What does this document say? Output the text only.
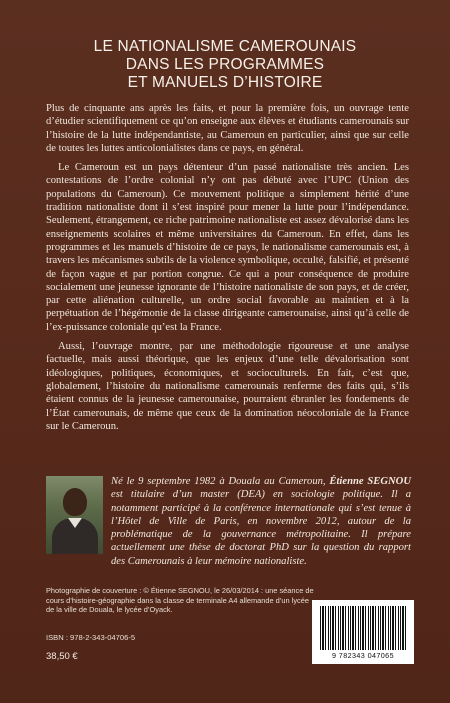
LE NATIONALISME CAMEROUNAIS
DANS LES PROGRAMMES
ET MANUELS D’HISTOIRE

Plus de cinquante ans après les faits, et pour la première fois, un ouvrage tente d’étudier scientifiquement ce qu’on enseigne aux élèves et étudiants camerounais sur l’histoire de la lutte indépendantiste, au Cameroun en particulier, ainsi que sur celle de toutes les luttes anticolonialistes dans ce pays, en général.

Le Cameroun est un pays détenteur d’un passé nationaliste très ancien. Les contestations de l’ordre colonial n’y ont pas débuté avec l’UPC (Union des populations du Cameroun). Ce mouvement politique a simplement hérité d’une tradition nationaliste dont il s’est inspiré pour mener la lutte pour l’indépendance. Seulement, étrangement, ce riche patrimoine nationaliste est assez dévalorisé dans les enseignements scolaires et même universitaires du Cameroun. En effet, dans les programmes et les manuels d’histoire de ce pays, le nationalisme camerounais est, à travers les mécanismes subtils de la violence symbolique, occulté, falsifié, et présenté de façon vague et par portion congrue. Ce qui a pour conséquence de produire socialement une jeunesse ignorante de l’histoire nationaliste de son pays, et de créer, par cette aliénation culturelle, un ordre social favorable au maintien et à la perpétuation de l’hégémonie de la classe dirigeante camerounaise, ainsi qu’à celle de l’ex-puissance coloniale qu’est la France.

Aussi, l’ouvrage montre, par une méthodologie rigoureuse et une analyse factuelle, mais aussi théorique, que les enjeux d’une telle dévalorisation sont idéologiques, politiques, économiques, et socioculturels. En fait, c’est que, globalement, l’histoire du nationalisme camerounais renferme des faits qui, s’ils étaient connus de la jeunesse camerounaise, pourraient ébranler les fondements de l’État camerounais, de même que ceux de la domination néocoloniale de la France sur le Cameroun.

Né le 9 septembre 1982 à Douala au Cameroun, Étienne SEGNOU est titulaire d’un master (DEA) en sociologie politique. Il a notamment participé à la conférence internationale qui s’est tenue à l’Hôtel de Ville de Paris, en novembre 2012, autour de la problématique de la gouvernance métropolitaine. Il prépare actuellement une thèse de doctorat PhD sur la question du rapport des Camerounais à leur mémoire nationaliste.
Photographie de couverture : © Étienne SEGNOU, le 26/03/2014 : une séance de cours d’histoire-géographie dans la classe de terminale A4 allemande d’un lycée de la ville de Douala, le lycée d’Oyack.
ISBN : 978-2-343-04706-5
38,50 €	9 782343 047065
